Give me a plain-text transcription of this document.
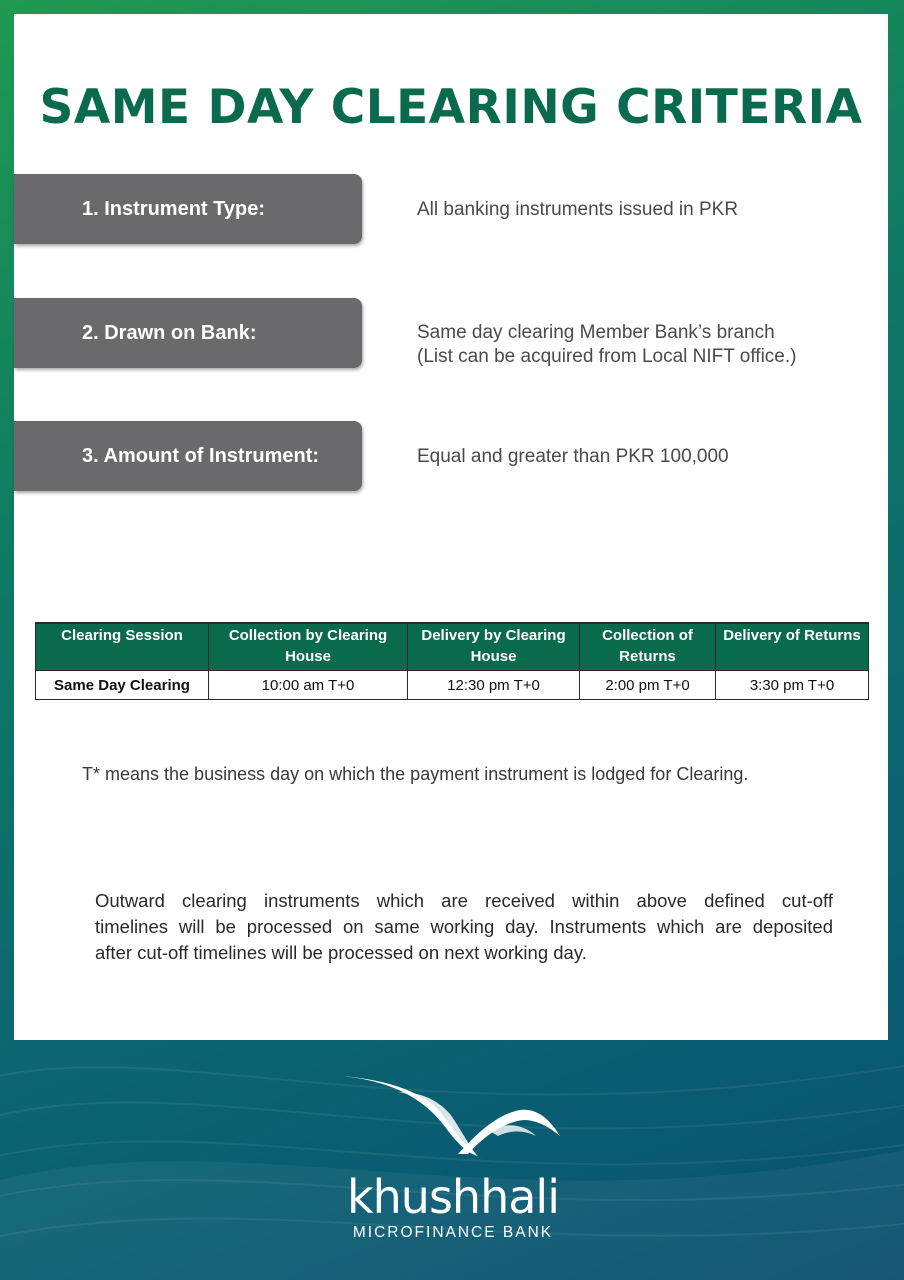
SAME DAY CLEARING CRITERIA
1. Instrument Type:	All banking instruments issued in PKR
2. Drawn on Bank:	Same day clearing Member Bank’s branch
(List can be acquired from Local NIFT office.)
3. Amount of Instrument:	Equal and greater than PKR 100,000
Clearing Session	Collection by Clearing House	Delivery by Clearing House	Collection of Returns	Delivery of Returns
Same Day Clearing	10:00 am T+0	12:30 pm T+0	2:00 pm T+0	3:30 pm T+0
T* means the business day on which the payment instrument is lodged for Clearing.
Outward clearing instruments which are received within above defined cut-off
timelines will be processed on same working day. Instruments which are deposited
after cut-off timelines will be processed on next working day.
khushhali
MICROFINANCE BANK
